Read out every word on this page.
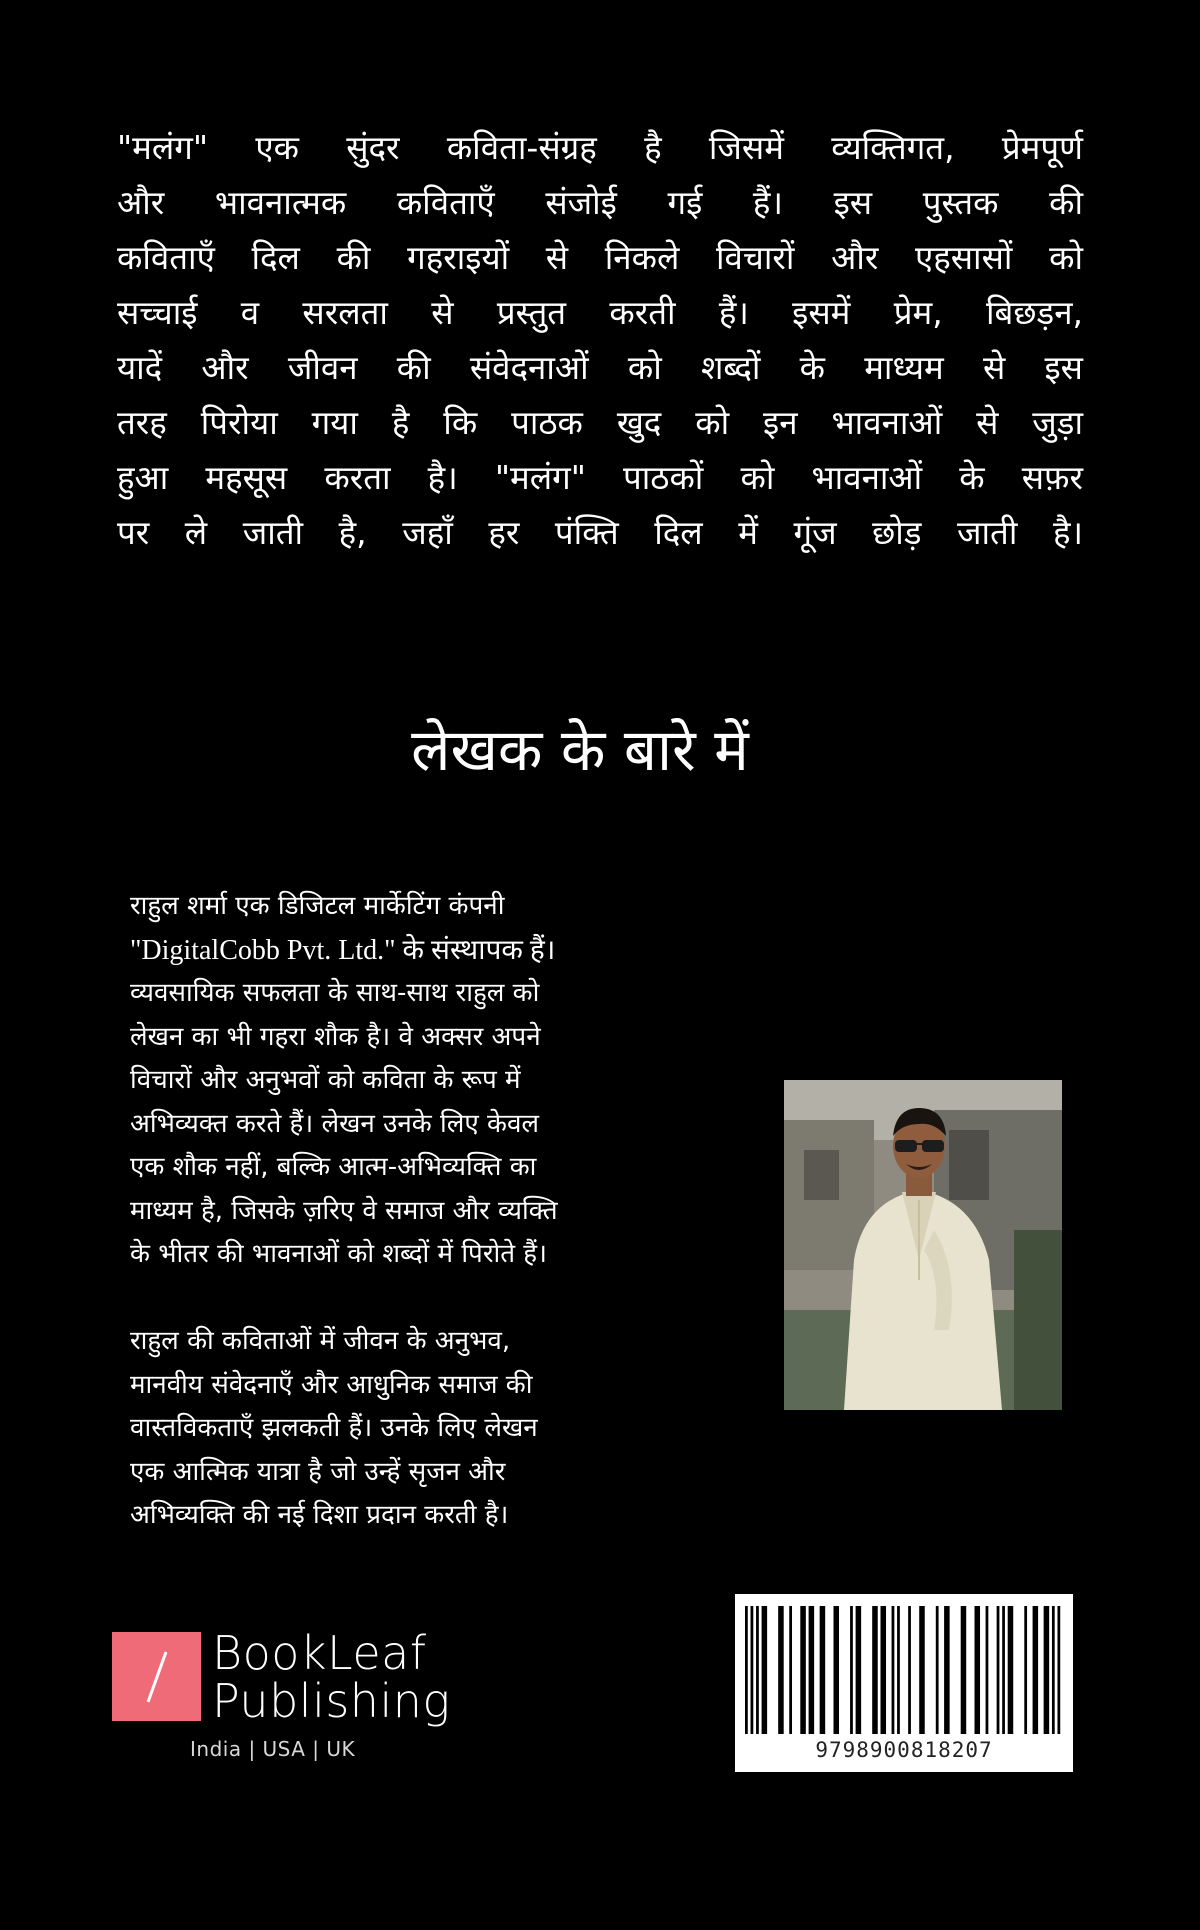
"मलंग" एक सुंदर कविता-संग्रह है जिसमें व्यक्तिगत, प्रेमपूर्ण
और भावनात्मक कविताएँ संजोई गई हैं। इस पुस्तक की
कविताएँ दिल की गहराइयों से निकले विचारों और एहसासों को
सच्चाई व सरलता से प्रस्तुत करती हैं। इसमें प्रेम, बिछड़न,
यादें और जीवन की संवेदनाओं को शब्दों के माध्यम से इस
तरह पिरोया गया है कि पाठक खुद को इन भावनाओं से जुड़ा
हुआ महसूस करता है। "मलंग" पाठकों को भावनाओं के सफ़र
पर ले जाती है, जहाँ हर पंक्ति दिल में गूंज छोड़ जाती है।
लेखक के बारे में
राहुल शर्मा एक डिजिटल मार्केटिंग कंपनी
"DigitalCobb Pvt. Ltd." के संस्थापक हैं।
व्यवसायिक सफलता के साथ-साथ राहुल को
लेखन का भी गहरा शौक है। वे अक्सर अपने
विचारों और अनुभवों को कविता के रूप में
अभिव्यक्त करते हैं। लेखन उनके लिए केवल
एक शौक नहीं, बल्कि आत्म-अभिव्यक्ति का
माध्यम है, जिसके ज़रिए वे समाज और व्यक्ति
के भीतर की भावनाओं को शब्दों में पिरोते हैं।
राहुल की कविताओं में जीवन के अनुभव,
मानवीय संवेदनाएँ और आधुनिक समाज की
वास्तविकताएँ झलकती हैं। उनके लिए लेखन
एक आत्मिक यात्रा है जो उन्हें सृजन और
अभिव्यक्ति की नई दिशा प्रदान करती है।
BookLeaf
Publishing
India | USA | UK	9798900818207
